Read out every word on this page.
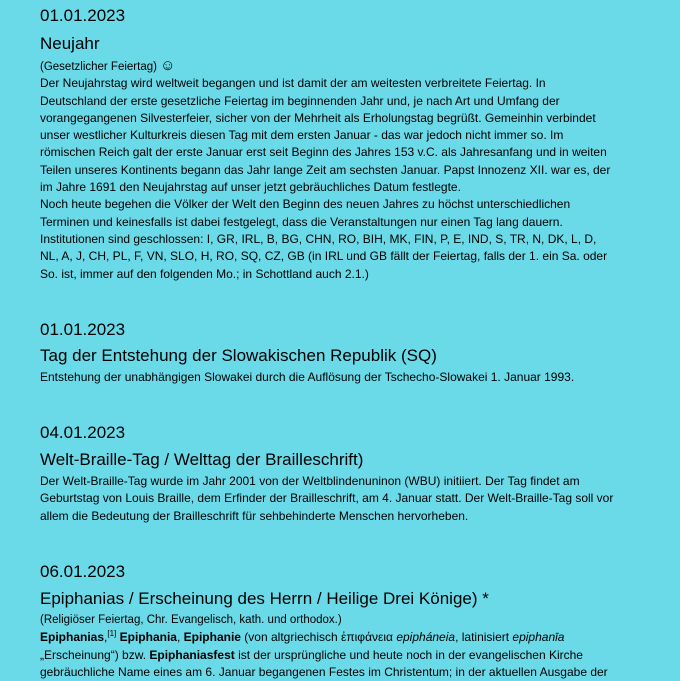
01.01.2023
Neujahr
(Gesetzlicher Feiertag) ☺
Der Neujahrstag wird weltweit begangen und ist damit der am weitesten verbreitete Feiertag. In
Deutschland der erste gesetzliche Feiertag im beginnenden Jahr und, je nach Art und Umfang der
vorangegangenen Silvesterfeier, sicher von der Mehrheit als Erholungstag begrüßt. Gemeinhin verbindet
unser westlicher Kulturkreis diesen Tag mit dem ersten Januar - das war jedoch nicht immer so. Im
römischen Reich galt der erste Januar erst seit Beginn des Jahres 153 v.C. als Jahresanfang und in weiten
Teilen unseres Kontinents begann das Jahr lange Zeit am sechsten Januar. Papst Innozenz XII. war es, der
im Jahre 1691 den Neujahrstag auf unser jetzt gebräuchliches Datum festlegte.
Noch heute begehen die Völker der Welt den Beginn des neuen Jahres zu höchst unterschiedlichen
Terminen und keinesfalls ist dabei festgelegt, dass die Veranstaltungen nur einen Tag lang dauern.
Institutionen sind geschlossen: I, GR, IRL, B, BG, CHN, RO, BIH, MK, FIN, P, E, IND, S, TR, N, DK, L, D,
NL, A, J, CH, PL, F, VN, SLO, H, RO, SQ, CZ, GB (in IRL und GB fällt der Feiertag, falls der 1. ein Sa. oder
So. ist, immer auf den folgenden Mo.; in Schottland auch 2.1.)
01.01.2023
Tag der Entstehung der Slowakischen Republik (SQ)
Entstehung der unabhängigen Slowakei durch die Auflösung der Tschecho-Slowakei 1. Januar 1993.
04.01.2023
Welt-Braille-Tag / Welttag der Brailleschrift)
Der Welt-Braille-Tag wurde im Jahr 2001 von der Weltblindenuninon (WBU) initiiert. Der Tag findet am
Geburtstag von Louis Braille, dem Erfinder der Brailleschrift, am 4. Januar statt. Der Welt-Braille-Tag soll vor
allem die Bedeutung der Brailleschrift für sehbehinderte Menschen hervorheben.
06.01.2023
Epiphanias / Erscheinung des Herrn / Heilige Drei Könige) *
(Religiöser Feiertag, Chr. Evangelisch, kath. und orthodox.)
Epiphanias,[1] Epiphania, Epiphanie (von altgriechisch ἐπιφάνεια epipháneia, latinisiert epiphanīa
„Erscheinung“) bzw. Epiphaniasfest ist der ursprüngliche und heute noch in der evangelischen Kirche
gebräuchliche Name eines am 6. Januar begangenen Festes im Christentum; in der aktuellen Ausgabe der
